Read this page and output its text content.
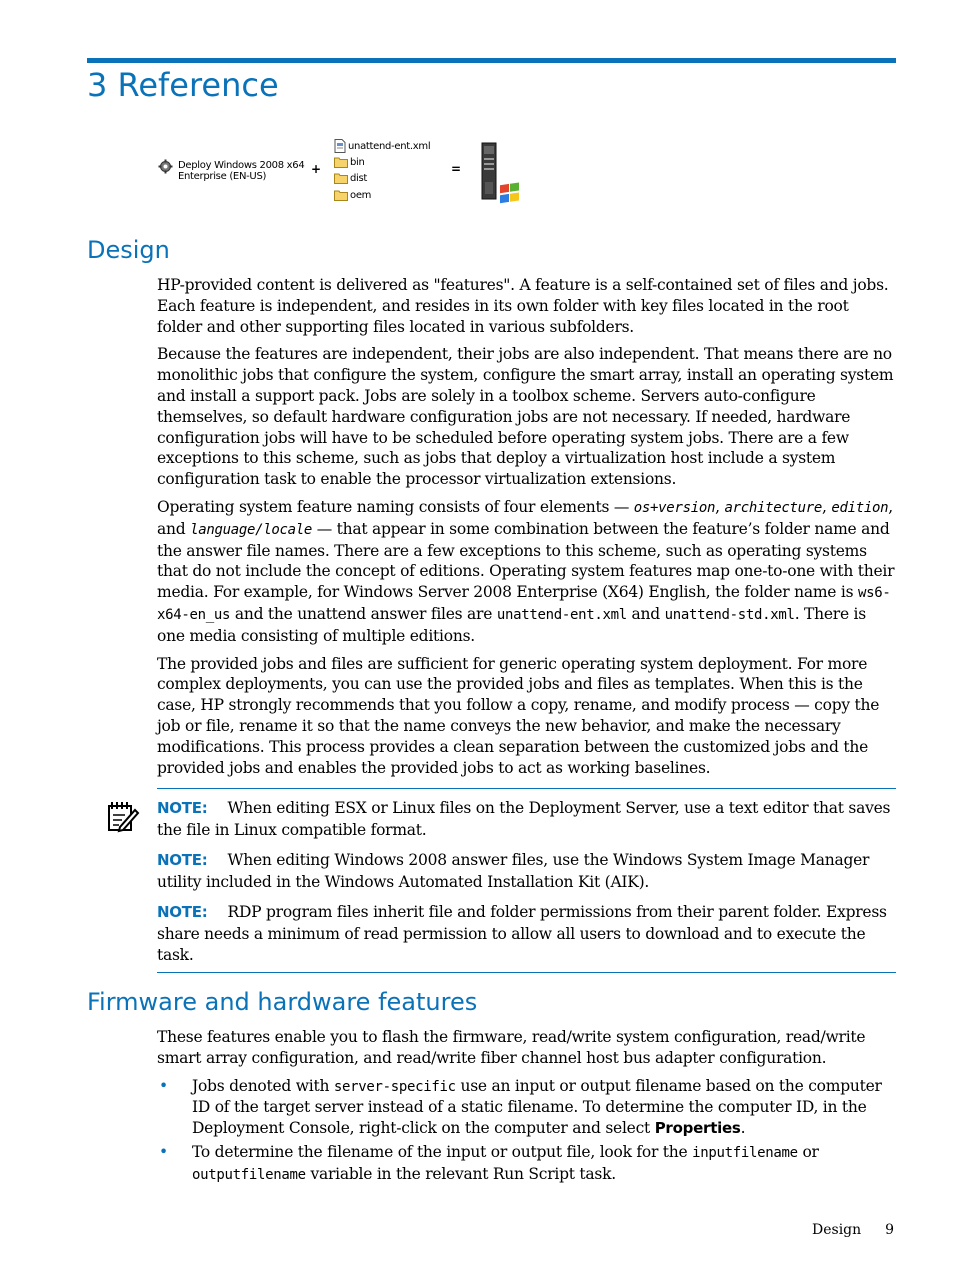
3 Reference
Deploy Windows 2008 x64
Enterprise (EN-US)
+
unattend-ent.xml
bin
dist
oem
=
Design

HP-provided content is delivered as "features". A feature is a self-contained set of files and jobs. Each feature is independent, and resides in its own folder with key files located in the root folder and other supporting files located in various subfolders.

Because the features are independent, their jobs are also independent. That means there are no monolithic jobs that configure the system, configure the smart array, install an operating system and install a support pack. Jobs are solely in a toolbox scheme. Servers auto-configure themselves, so default hardware configuration jobs are not necessary. If needed, hardware configuration jobs will have to be scheduled before operating system jobs. There are a few exceptions to this scheme, such as jobs that deploy a virtualization host include a system configuration task to enable the processor virtualization extensions.

Operating system feature naming consists of four elements — os+version, architecture, edition, and language/locale — that appear in some combination between the feature’s folder name and the answer file names. There are a few exceptions to this scheme, such as operating systems that do not include the concept of editions. Operating system features map one-to-one with their media. For example, for Windows Server 2008 Enterprise (X64) English, the folder name is ws6-x64-en_us and the unattend answer files are unattend-ent.xml and unattend-std.xml. There is one media consisting of multiple editions.

The provided jobs and files are sufficient for generic operating system deployment. For more complex deployments, you can use the provided jobs and files as templates. When this is the case, HP strongly recommends that you follow a copy, rename, and modify process — copy the job or file, rename it so that the name conveys the new behavior, and make the necessary modifications. This process provides a clean separation between the customized jobs and the provided jobs and enables the provided jobs to act as working baselines.

NOTE: When editing ESX or Linux files on the Deployment Server, use a text editor that saves the file in Linux compatible format.

NOTE: When editing Windows 2008 answer files, use the Windows System Image Manager utility included in the Windows Automated Installation Kit (AIK).

NOTE: RDP program files inherit file and folder permissions from their parent folder. Express share needs a minimum of read permission to allow all users to download and to execute the task.

Firmware and hardware features

These features enable you to flash the firmware, read/write system configuration, read/write smart array configuration, and read/write fiber channel host bus adapter configuration.

• Jobs denoted with server-specific use an input or output filename based on the computer ID of the target server instead of a static filename. To determine the computer ID, in the Deployment Console, right-click on the computer and select Properties.
• To determine the filename of the input or output file, look for the inputfilename or outputfilename variable in the relevant Run Script task.
Design 9
